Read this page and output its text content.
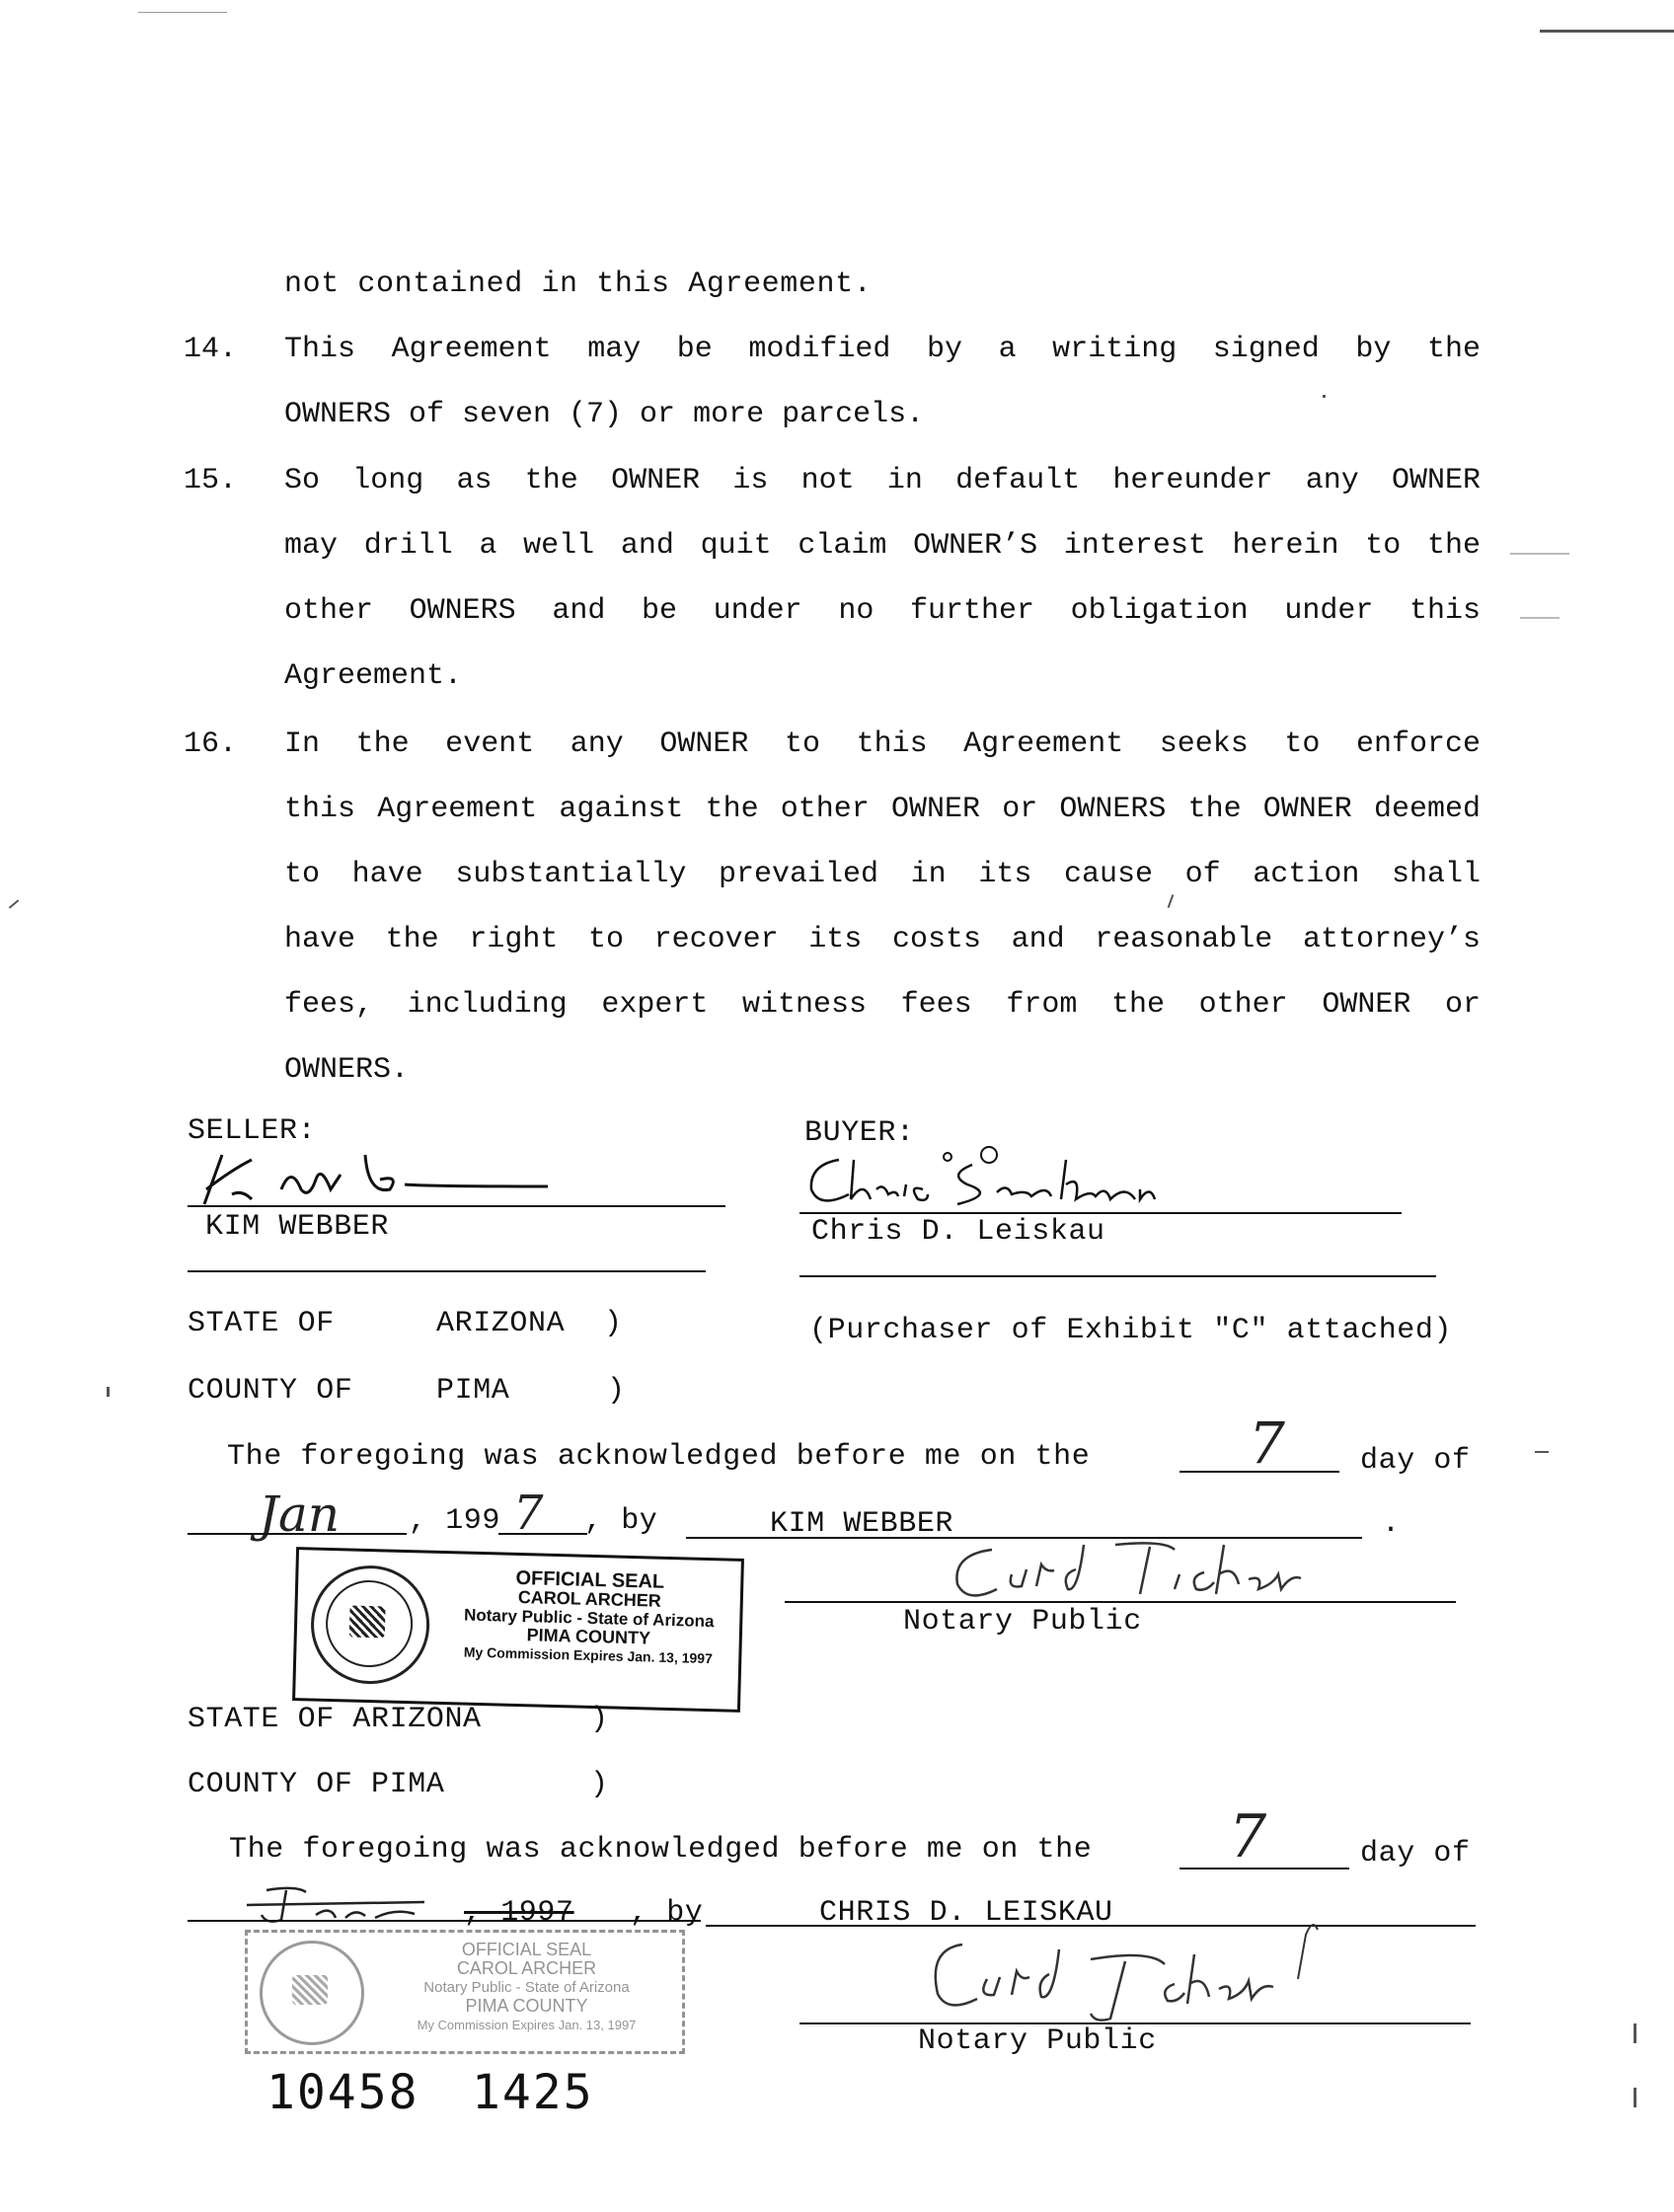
not contained in this Agreement.
14. This Agreement may be modified by a writing signed by the
OWNERS of seven (7) or more parcels.
15. So long as the OWNER is not in default hereunder any OWNER
may drill a well and quit claim OWNER’S interest herein to the
other OWNERS and be under no further obligation under this
Agreement.
16. In the event any OWNER to this Agreement seeks to enforce
this Agreement against the other OWNER or OWNERS the OWNER deemed
to have substantially prevailed in its cause of action shall
have the right to recover its costs and reasonable attorney’s
fees, including expert witness fees from the other OWNER or
OWNERS.
SELLER:
KIM WEBBER
BUYER:
Chris D. Leiskau
STATE OF	ARIZONA )	(Purchaser of Exhibit "C" attached)
COUNTY OF	PIMA	)
The foregoing was acknowledged before me on the	7	day of
Jan , 199 7 , by	KIM WEBBER	.
Notary Public
OFFICIAL SEAL
CAROL ARCHER
Notary Public - State of Arizona
PIMA COUNTY
My Commission Expires Jan. 13, 1997
STATE OF ARIZONA	)
COUNTY OF PIMA	)
The foregoing was acknowledged before me on the 7	day of
, 1997 , by	CHRIS D. LEISKAU
Notary Public
OFFICIAL SEAL
CAROL ARCHER
Notary Public - State of Arizona
PIMA COUNTY
My Commission Expires Jan. 13, 1997
10458 1425
